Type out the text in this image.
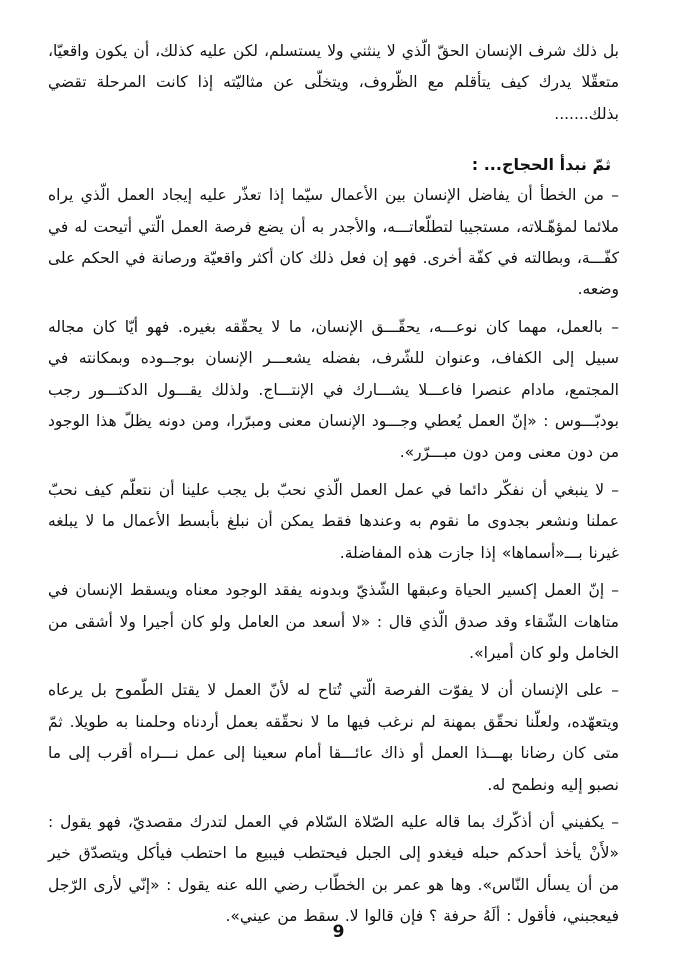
بل ذلك شرف الإنسان الحقّ الّذي لا ينثني ولا يستسلم، لكن عليه كذلك، أن يكون واقعيّا، متعقّلا يدرك كيف يتأقلم مع الظّروف، ويتخلّى عن مثاليّته إذا كانت المرحلة تقضي بذلك.......

ثمّ نبدأ الحجاج... :

– من الخطأ أن يفاضل الإنسان بين الأعمال سيّما إذا تعذّر عليه إيجاد العمل الّذي يراه ملائما لمؤهّـلاته، مستجيبا لتطلّعاتـــه، والأجدر به أن يضع فرصة العمل الّتي أتيحت له في كفّـــة، وبطالته في كفّة أخرى. فهو إن فعل ذلك كان أكثر واقعيّة ورصانة في الحكم على وضعه.

– بالعمل، مهما كان نوعـــه، يحقّـــق الإنسان، ما لا يحقّقه بغيره. فهو أيّا كان مجاله سبيل إلى الكفاف، وعنوان للشّرف، بفضله يشعـــر الإنسان بوجــوده وبمكانته في المجتمع، مادام عنصرا فاعـــلا يشـــارك في الإنتـــاج. ولذلك يقـــول الدكتـــور رجب بودبّـــوس : «إنّ العمل يُعطي وجـــود الإنسان معنى ومبرّرا، ومن دونه يظلّ هذا الوجود من دون معنى ومن دون مبـــرّر».

– لا ينبغي أن نفكّر دائما في عمل العمل الّذي نحبّ بل يجب علينا أن نتعلّم كيف نحبّ عملنا ونشعر بجدوى ما نقوم به وعندها فقط يمكن أن نبلغ بأبسط الأعمال ما لا يبلغه غيرنا بـــ«أسماها» إذا جازت هذه المفاضلة.

– إنّ العمل إكسير الحياة وعبقها الشّذيّ وبدونه يفقد الوجود معناه ويسقط الإنسان في متاهات الشّقاء وقد صدق الّذي قال : «لا أسعد من العامل ولو كان أجيرا ولا أشقى من الخامل ولو كان أميرا».

– على الإنسان أن لا يفوّت الفرصة الّتي تُتاح له لأنّ العمل لا يقتل الطّموح بل يرعاه ويتعهّده، ولعلّنا نحقّق بمهنة لم نرغب فيها ما لا نحقّقه بعمل أردناه وحلمنا به طويلا. ثمّ متى كان رضانا بهـــذا العمل أو ذاك عائـــقا أمام سعينا إلى عمل نـــراه أقرب إلى ما نصبو إليه ونطمح له.

– يكفيني أن أذكّرك بما قاله عليه الصّلاة السّلام في العمل لتدرك مقصديّ، فهو يقول : «لأَنْ يأخذ أحدكم حبله فيغدو إلى الجبل فيحتطب فيبيع ما احتطب فيأكل ويتصدّق خير من أن يسأل النّاس». وها هو عمر بن الخطّاب رضي الله عنه يقول : «إنّي لأرى الرّجل فيعجبني، فأقول : ألَهُ حرفة ؟ فإن قالوا لا. سقط من عيني».

9
